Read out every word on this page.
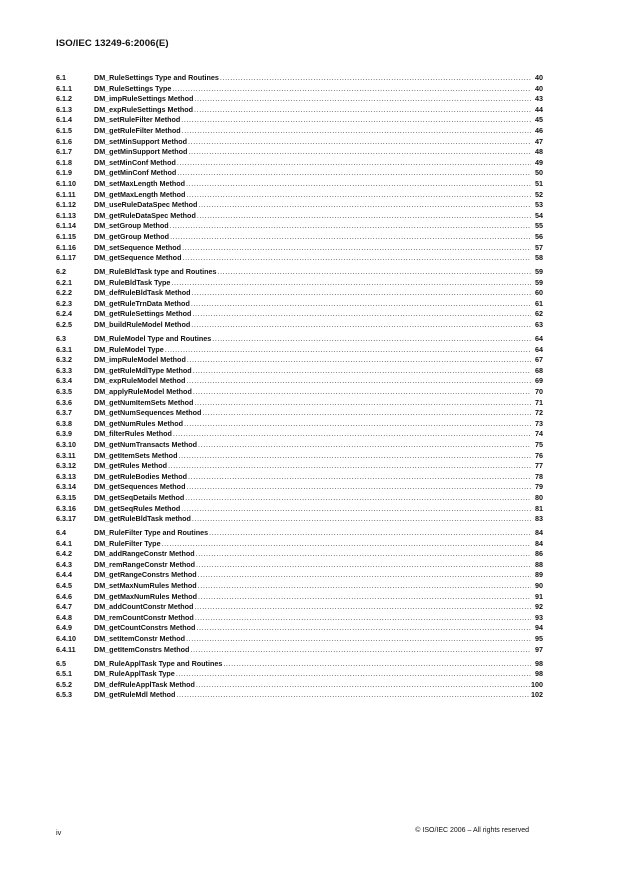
ISO/IEC 13249-6:2006(E)
6.1	DM_RuleSettings Type and Routines .....	40
6.1.1	DM_RuleSettings Type .....	40
6.1.2	DM_impRuleSettings Method .....	43
6.1.3	DM_expRuleSettings Method .....	44
6.1.4	DM_setRuleFilter Method .....	45
6.1.5	DM_getRuleFilter Method .....	46
6.1.6	DM_setMinSupport Method .....	47
6.1.7	DM_getMinSupport Method .....	48
6.1.8	DM_setMinConf Method .....	49
6.1.9	DM_getMinConf Method .....	50
6.1.10	DM_setMaxLength Method .....	51
6.1.11	DM_getMaxLength Method .....	52
6.1.12	DM_useRuleDataSpec Method .....	53
6.1.13	DM_getRuleDataSpec Method .....	54
6.1.14	DM_setGroup Method .....	55
6.1.15	DM_getGroup Method .....	56
6.1.16	DM_setSequence Method .....	57
6.1.17	DM_getSequence Method .....	58
6.2	DM_RuleBldTask type and Routines .....	59
6.2.1	DM_RuleBldTask Type .....	59
6.2.2	DM_defRuleBldTask Method .....	60
6.2.3	DM_getRuleTrnData Method .....	61
6.2.4	DM_getRuleSettings Method .....	62
6.2.5	DM_buildRuleModel Method .....	63
6.3	DM_RuleModel Type and Routines .....	64
6.3.1	DM_RuleModel Type .....	64
6.3.2	DM_impRuleModel Method .....	67
6.3.3	DM_getRuleMdlType Method .....	68
6.3.4	DM_expRuleModel Method .....	69
6.3.5	DM_applyRuleModel Method .....	70
6.3.6	DM_getNumItemSets Method .....	71
6.3.7	DM_getNumSequences Method .....	72
6.3.8	DM_getNumRules Method .....	73
6.3.9	DM_filterRules Method .....	74
6.3.10	DM_getNumTransacts Method .....	75
6.3.11	DM_getItemSets Method .....	76
6.3.12	DM_getRules Method .....	77
6.3.13	DM_getRuleBodies Method .....	78
6.3.14	DM_getSequences Method .....	79
6.3.15	DM_getSeqDetails Method .....	80
6.3.16	DM_getSeqRules Method .....	81
6.3.17	DM_getRuleBldTask method .....	83
6.4	DM_RuleFilter Type and Routines .....	84
6.4.1	DM_RuleFilter Type .....	84
6.4.2	DM_addRangeConstr Method .....	86
6.4.3	DM_remRangeConstr Method .....	88
6.4.4	DM_getRangeConstrs Method .....	89
6.4.5	DM_setMaxNumRules Method .....	90
6.4.6	DM_getMaxNumRules Method .....	91
6.4.7	DM_addCountConstr Method .....	92
6.4.8	DM_remCountConstr Method .....	93
6.4.9	DM_getCountConstrs Method .....	94
6.4.10	DM_setItemConstr Method .....	95
6.4.11	DM_getItemConstrs Method .....	97
6.5	DM_RuleApplTask Type and Routines .....	98
6.5.1	DM_RuleApplTask Type .....	98
6.5.2	DM_defRuleApplTask Method .....	100
6.5.3	DM_getRuleMdl Method .....	102
iv	© ISO/IEC 2006 – All rights reserved
